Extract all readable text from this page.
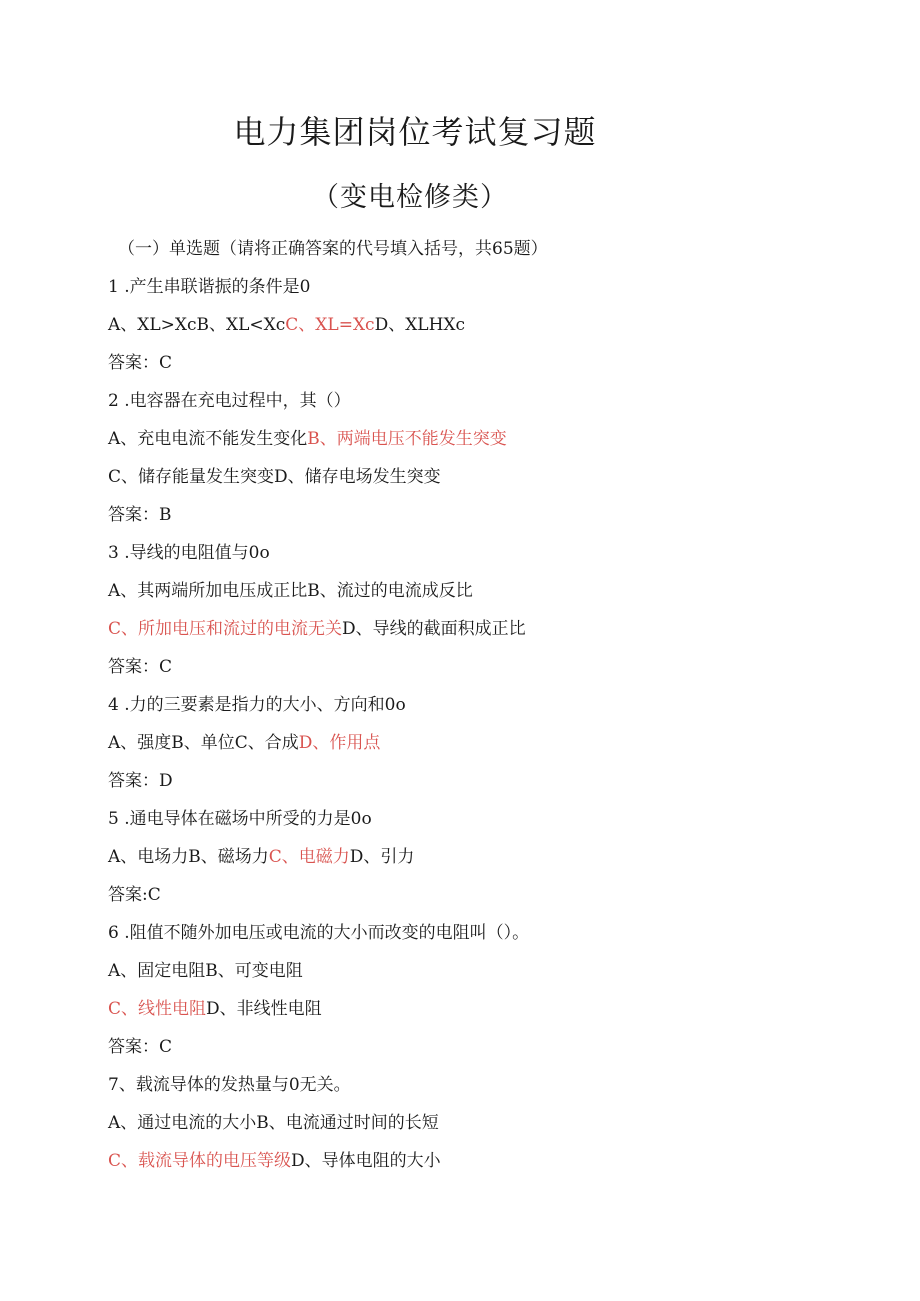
电力集团岗位考试复习题
（变电检修类）
（一）单选题（请将正确答案的代号填入括号，共65题）
1 .产生串联谐振的条件是0
A、XL>XcB、XL<XcC、XL=XcD、XLHXc
答案：C
2 .电容器在充电过程中，其（）
A、充电电流不能发生变化B、两端电压不能发生突变
C、储存能量发生突变D、储存电场发生突变
答案：B
3 .导线的电阻值与0o
A、其两端所加电压成正比B、流过的电流成反比
C、所加电压和流过的电流无关D、导线的截面积成正比
答案：C
4 .力的三要素是指力的大小、方向和0o
A、强度B、单位C、合成D、作用点
答案：D
5 .通电导体在磁场中所受的力是0o
A、电场力B、磁场力C、电磁力D、引力
答案:C
6 .阻值不随外加电压或电流的大小而改变的电阻叫（）。
A、固定电阻B、可变电阻
C、线性电阻D、非线性电阻
答案：C
7、载流导体的发热量与0无关。
A、通过电流的大小B、电流通过时间的长短
C、载流导体的电压等级D、导体电阻的大小
